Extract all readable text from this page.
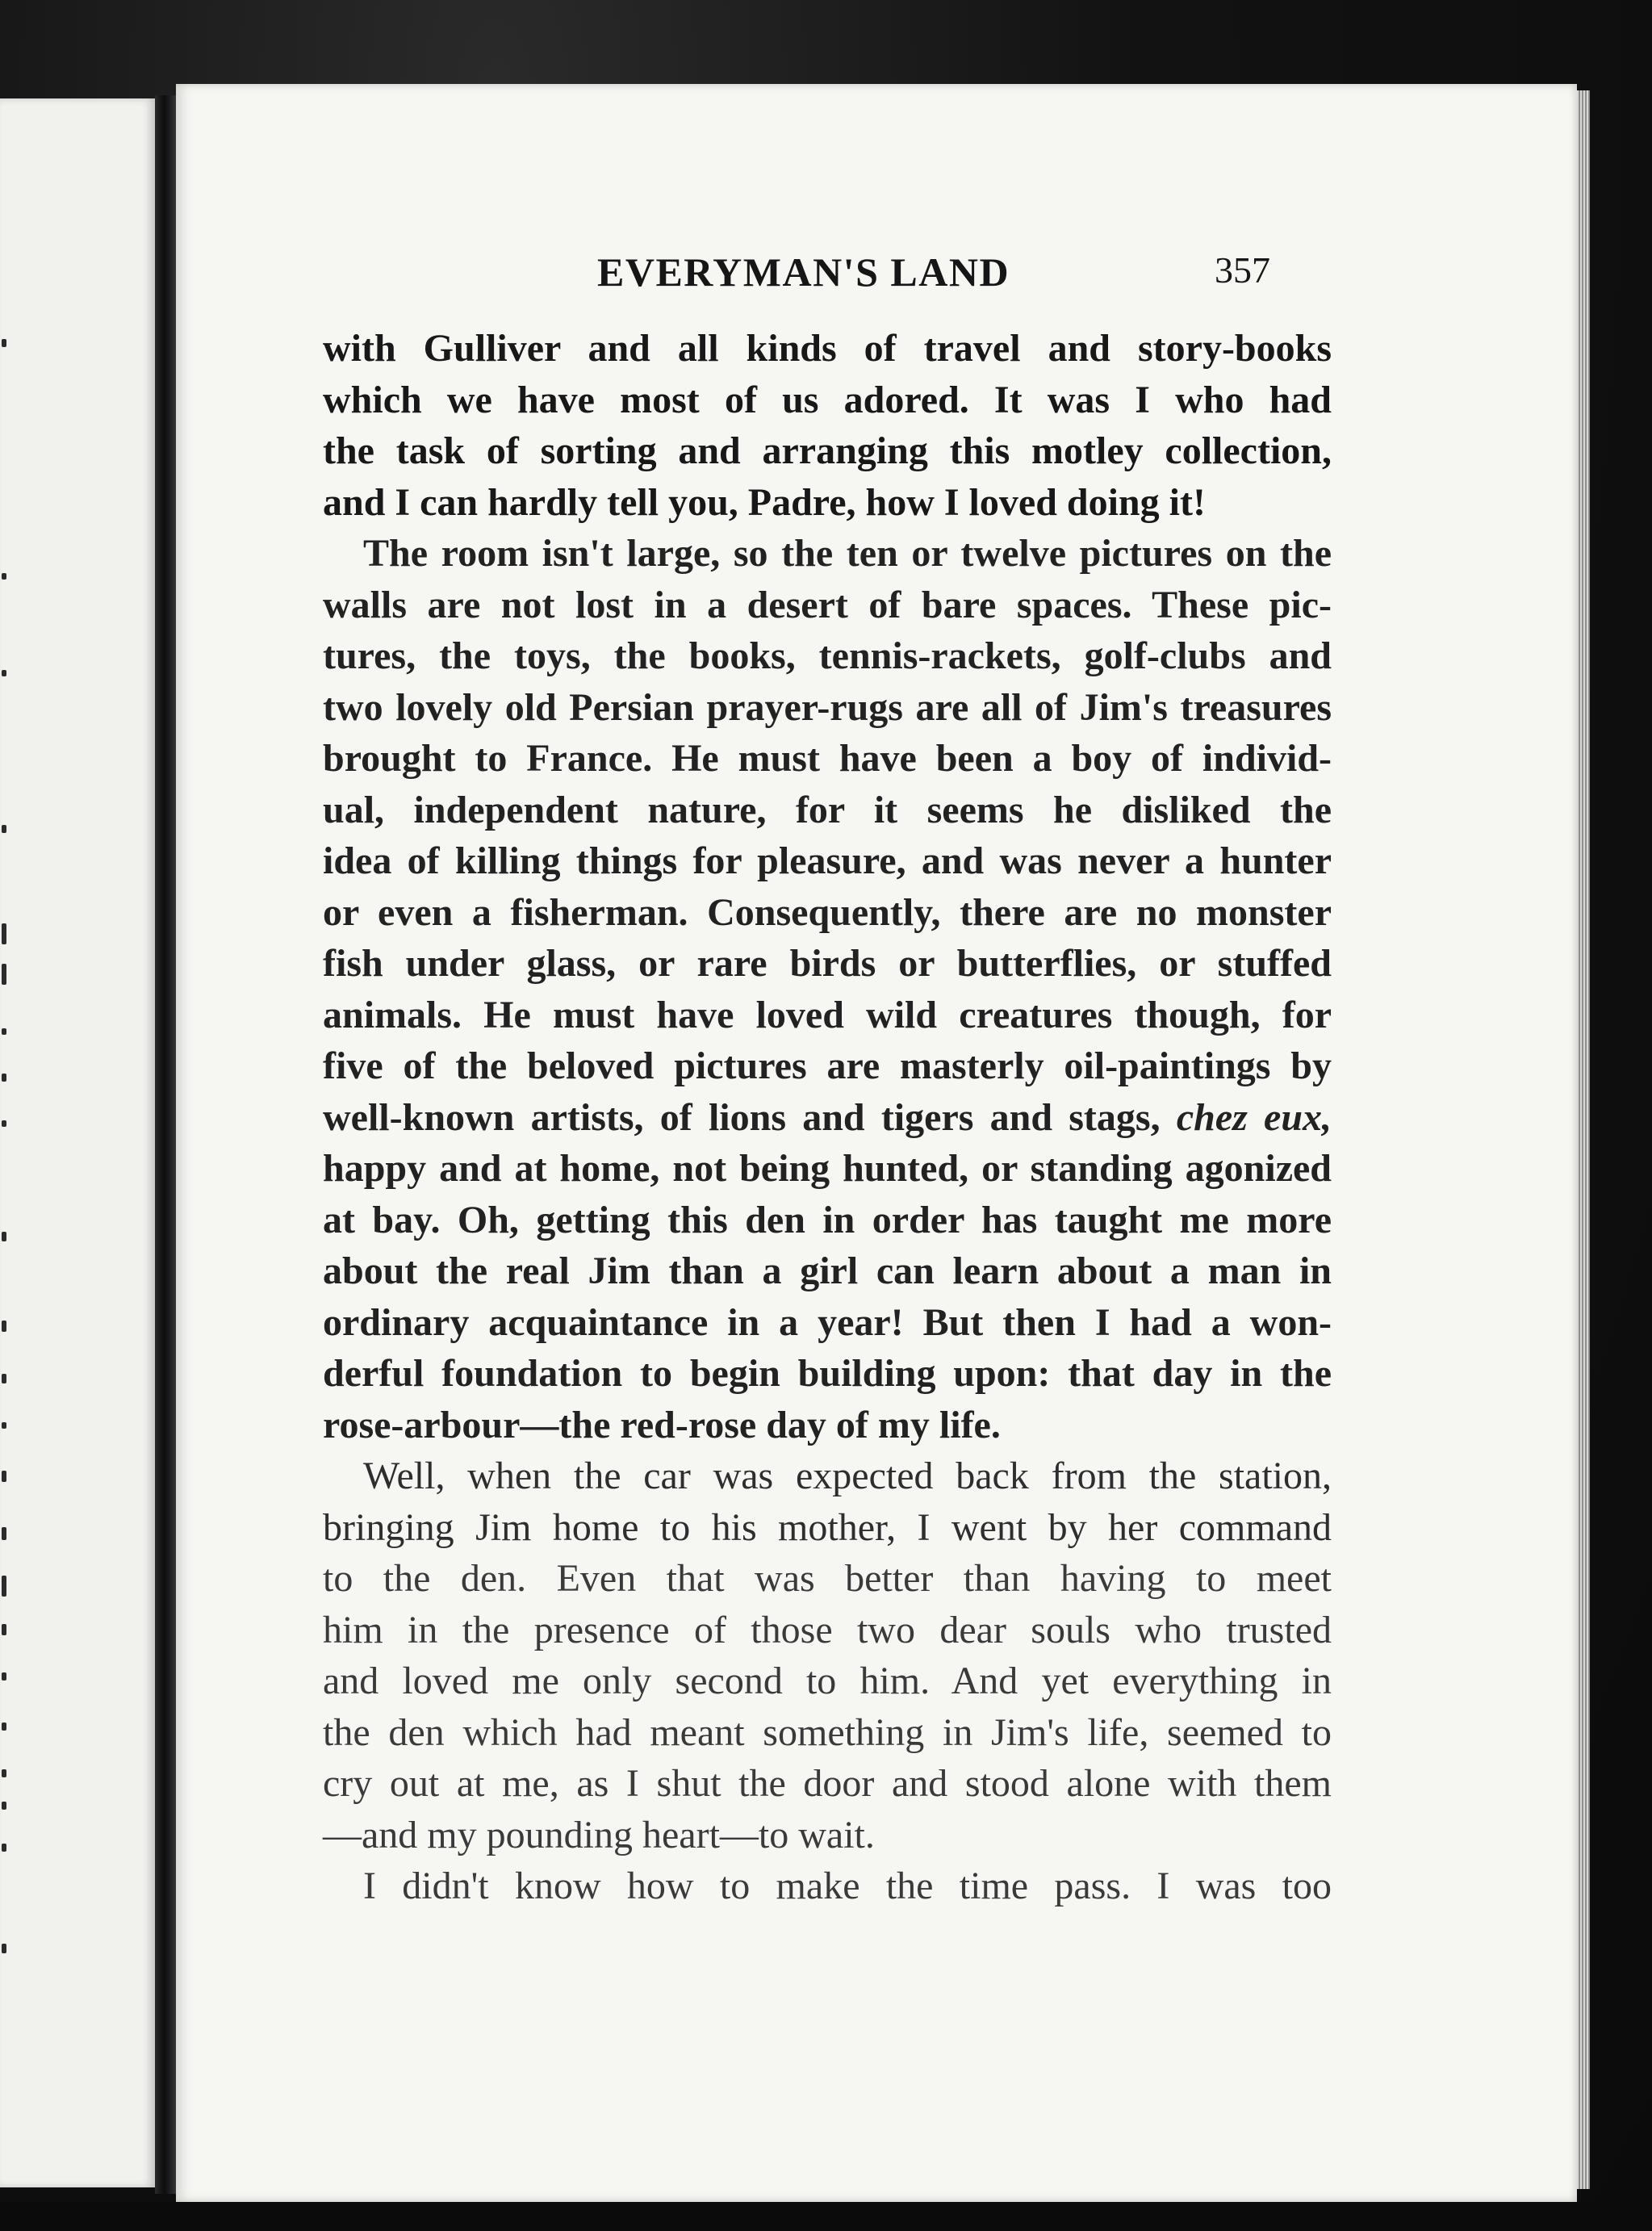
EVERYMAN'S LAND	357
with Gulliver and all kinds of travel and story-books
which we have most of us adored. It was I who had
the task of sorting and arranging this motley collection,
and I can hardly tell you, Padre, how I loved doing it!
The room isn't large, so the ten or twelve pictures on the
walls are not lost in a desert of bare spaces. These pic-
tures, the toys, the books, tennis-rackets, golf-clubs and
two lovely old Persian prayer-rugs are all of Jim's treasures
brought to France. He must have been a boy of individ-
ual, independent nature, for it seems he disliked the
idea of killing things for pleasure, and was never a hunter
or even a fisherman. Consequently, there are no monster
fish under glass, or rare birds or butterflies, or stuffed
animals. He must have loved wild creatures though, for
five of the beloved pictures are masterly oil-paintings by
well-known artists, of lions and tigers and stags, chez eux,
happy and at home, not being hunted, or standing agonized
at bay. Oh, getting this den in order has taught me more
about the real Jim than a girl can learn about a man in
ordinary acquaintance in a year! But then I had a won-
derful foundation to begin building upon: that day in the
rose-arbour—the red-rose day of my life.
Well, when the car was expected back from the station,
bringing Jim home to his mother, I went by her command
to the den. Even that was better than having to meet
him in the presence of those two dear souls who trusted
and loved me only second to him. And yet everything in
the den which had meant something in Jim's life, seemed to
cry out at me, as I shut the door and stood alone with them
—and my pounding heart—to wait.
I didn't know how to make the time pass. I was too
